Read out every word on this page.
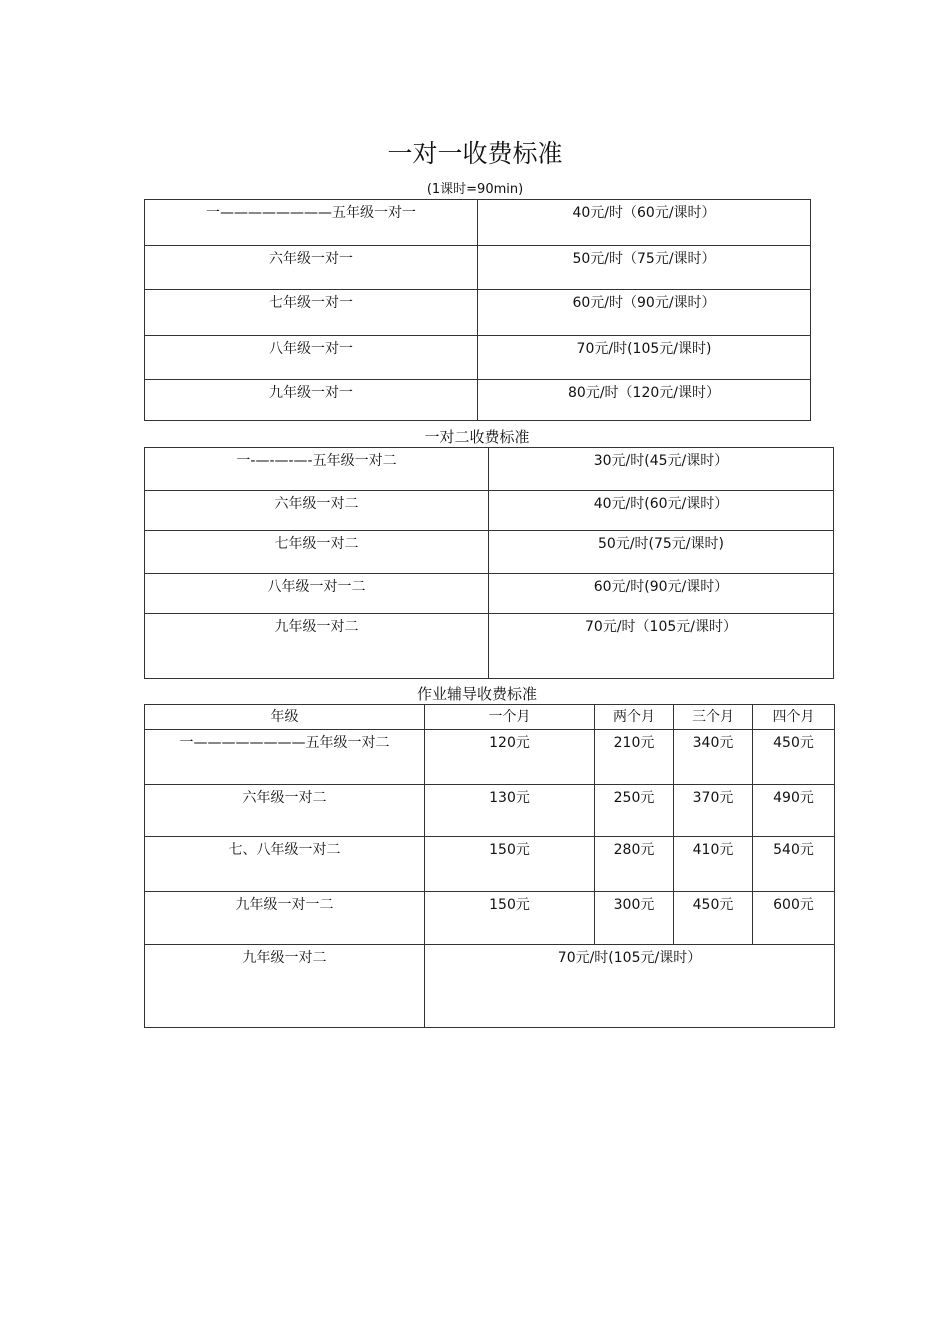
一对一收费标准
(1课时=90min)
一————————五年级一对一	40元/时（60元/课时）
六年级一对一	50元/时（75元/课时）
七年级一对一	60元/时（90元/课时）
八年级一对一	70元/时(105元/课时)
九年级一对一	80元/时（120元/课时）
一对二收费标准
一-—-—-—-五年级一对二	30元/时(45元/课时）
六年级一对二	40元/时(60元/课时）
七年级一对二	50元/时(75元/课时)
八年级一对一二	60元/时(90元/课时）
九年级一对二	70元/时（105元/课时）
作业辅导收费标准
年级	一个月	两个月	三个月	四个月
一————————五年级一对二	120元	210元	340元	450元
六年级一对二	130元	250元	370元	490元
七、八年级一对二	150元	280元	410元	540元
九年级一对一二	150元	300元	450元	600元
九年级一对二	70元/时(105元/课时）			
